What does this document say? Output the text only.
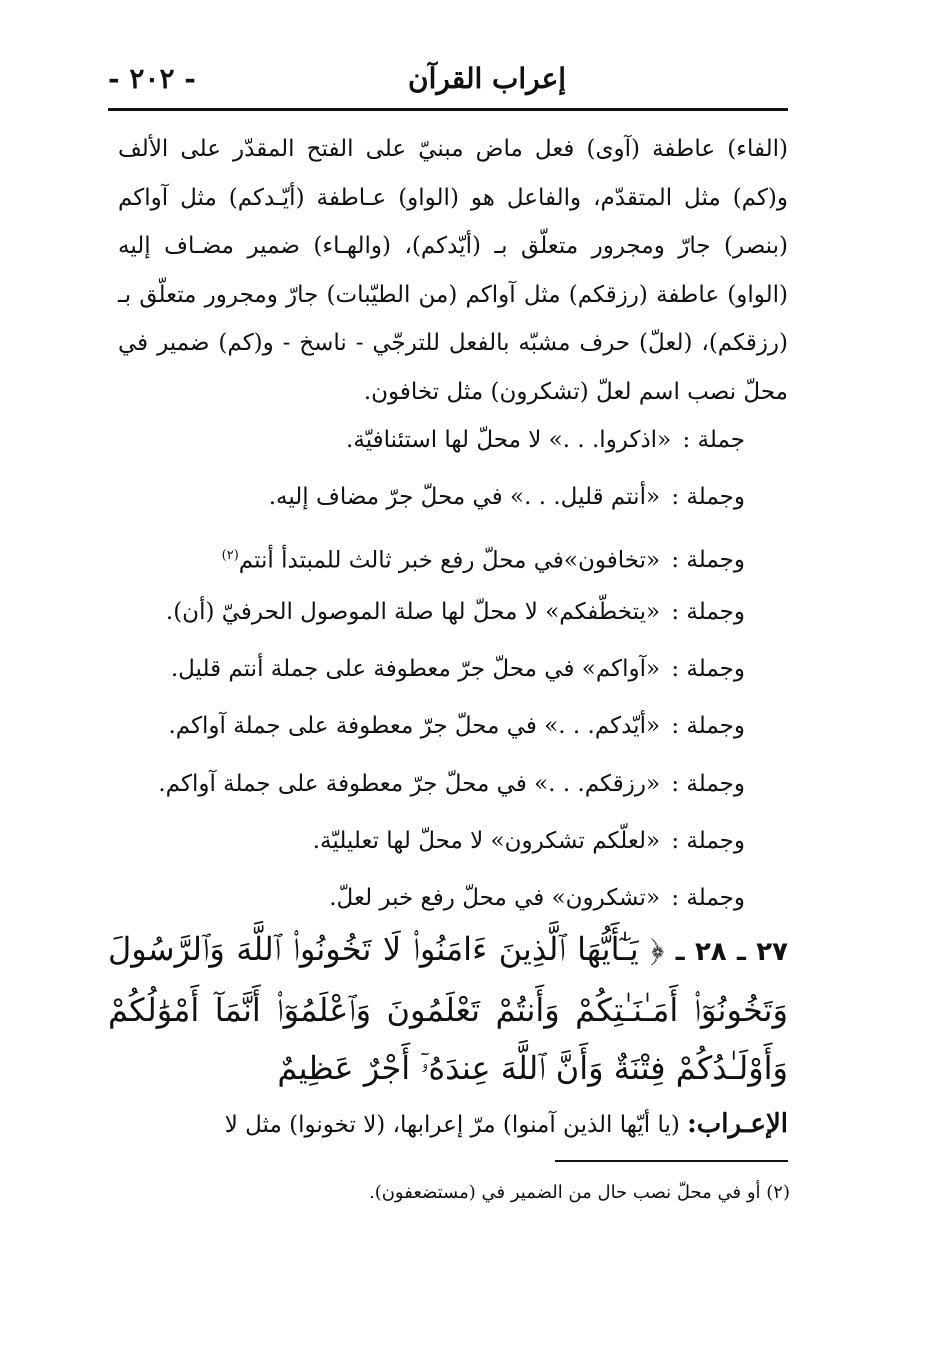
- ٢٠٢ -	إعراب القرآن
(الفاء) عاطفة (آوى) فعل ماض مبنيّ على الفتح المقدّر على الألف و(كم) مثل المتقدّم، والفاعل هو (الواو) عـاطفة (أيّـدكم) مثل آواكم (بنصر) جارّ ومجرور متعلّق بـ (أيّدكم)، (والهـاء) ضمير مضـاف إليه (الواو) عاطفة (رزقكم) مثل آواكم (من الطيّبات) جارّ ومجرور متعلّق بـ (رزقكم)، (لعلّ) حرف مشبّه بالفعل للترجّي - ناسخ - و(كم) ضمير في محلّ نصب اسم لعلّ (تشكرون) مثل تخافون.
جملة : «اذكروا. . .» لا محلّ لها استئنافيّة.
وجملة : «أنتم قليل. . .» في محلّ جرّ مضاف إليه.
وجملة : «تخافون»في محلّ رفع خبر ثالث للمبتدأ أنتم$^{(٢)}$
وجملة : «يتخطّفكم» لا محلّ لها صلة الموصول الحرفيّ (أن).
وجملة : «آواكم» في محلّ جرّ معطوفة على جملة أنتم قليل.
وجملة : «أيّدكم. . .» في محلّ جرّ معطوفة على جملة آواكم.
وجملة : «رزقكم. . .» في محلّ جرّ معطوفة على جملة آواكم.
وجملة : «لعلّكم تشكرون» لا محلّ لها تعليليّة.
وجملة : «تشكرون» في محلّ رفع خبر لعلّ.
٢٧ ـ ٢٨ ـ ﴿ يَـٰٓأَيُّهَا ٱلَّذِينَ ءَامَنُوا۟ لَا تَخُونُوا۟ ٱللَّهَ وَٱلرَّسُولَ وَتَخُونُوٓا۟ أَمَـٰنَـٰتِكُمْ وَأَنتُمْ تَعْلَمُونَ وَٱعْلَمُوٓا۟ أَنَّمَآ أَمْوَٰلُكُمْ وَأَوْلَـٰدُكُمْ فِتْنَةٌ وَأَنَّ ٱللَّهَ عِندَهُۥٓ أَجْرٌ عَظِيمٌ
الإعـراب: (يا أيّها الذين آمنوا) مرّ إعرابها، (لا تخونوا) مثل لا
(٢) أو في محلّ نصب حال من الضمير في (مستضعفون).
